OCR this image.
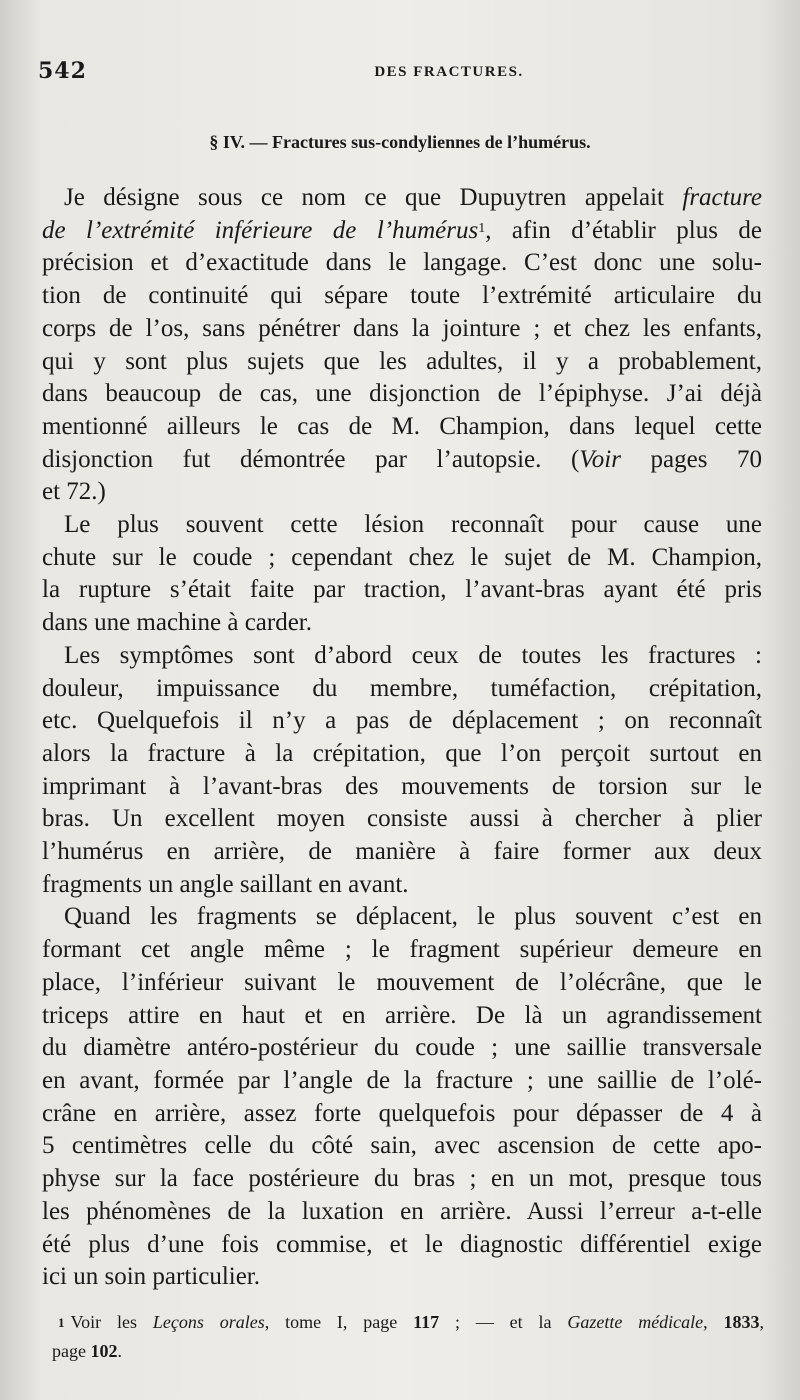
542	DES FRACTURES.
§ IV. — Fractures sus-condyliennes de l’humérus.

Je désigne sous ce nom ce que Dupuytren appelait fracture
de l’extrémité inférieure de l’humérus$^1$, afin d’établir plus de
précision et d’exactitude dans le langage. C’est donc une solu-
tion de continuité qui sépare toute l’extrémité articulaire du
corps de l’os, sans pénétrer dans la jointure ; et chez les enfants,
qui y sont plus sujets que les adultes, il y a probablement,
dans beaucoup de cas, une disjonction de l’épiphyse. J’ai déjà
mentionné ailleurs le cas de M. Champion, dans lequel cette
disjonction fut démontrée par l’autopsie. (Voir pages 70
et 72.)

Le plus souvent cette lésion reconnaît pour cause une
chute sur le coude ; cependant chez le sujet de M. Champion,
la rupture s’était faite par traction, l’avant-bras ayant été pris
dans une machine à carder.

Les symptômes sont d’abord ceux de toutes les fractures :
douleur, impuissance du membre, tuméfaction, crépitation,
etc. Quelquefois il n’y a pas de déplacement ; on reconnaît
alors la fracture à la crépitation, que l’on perçoit surtout en
imprimant à l’avant-bras des mouvements de torsion sur le
bras. Un excellent moyen consiste aussi à chercher à plier
l’humérus en arrière, de manière à faire former aux deux
fragments un angle saillant en avant.

Quand les fragments se déplacent, le plus souvent c’est en
formant cet angle même ; le fragment supérieur demeure en
place, l’inférieur suivant le mouvement de l’olécrâne, que le
triceps attire en haut et en arrière. De là un agrandissement
du diamètre antéro-postérieur du coude ; une saillie transversale
en avant, formée par l’angle de la fracture ; une saillie de l’olé-
crâne en arrière, assez forte quelquefois pour dépasser de 4 à
5 centimètres celle du côté sain, avec ascension de cette apo-
physe sur la face postérieure du bras ; en un mot, presque tous
les phénomènes de la luxation en arrière. Aussi l’erreur a-t-elle
été plus d’une fois commise, et le diagnostic différentiel exige
ici un soin particulier.

$^1$ Voir les Leçons orales, tome I, page 117 ; — et la Gazette médicale, 1833,
page 102.
